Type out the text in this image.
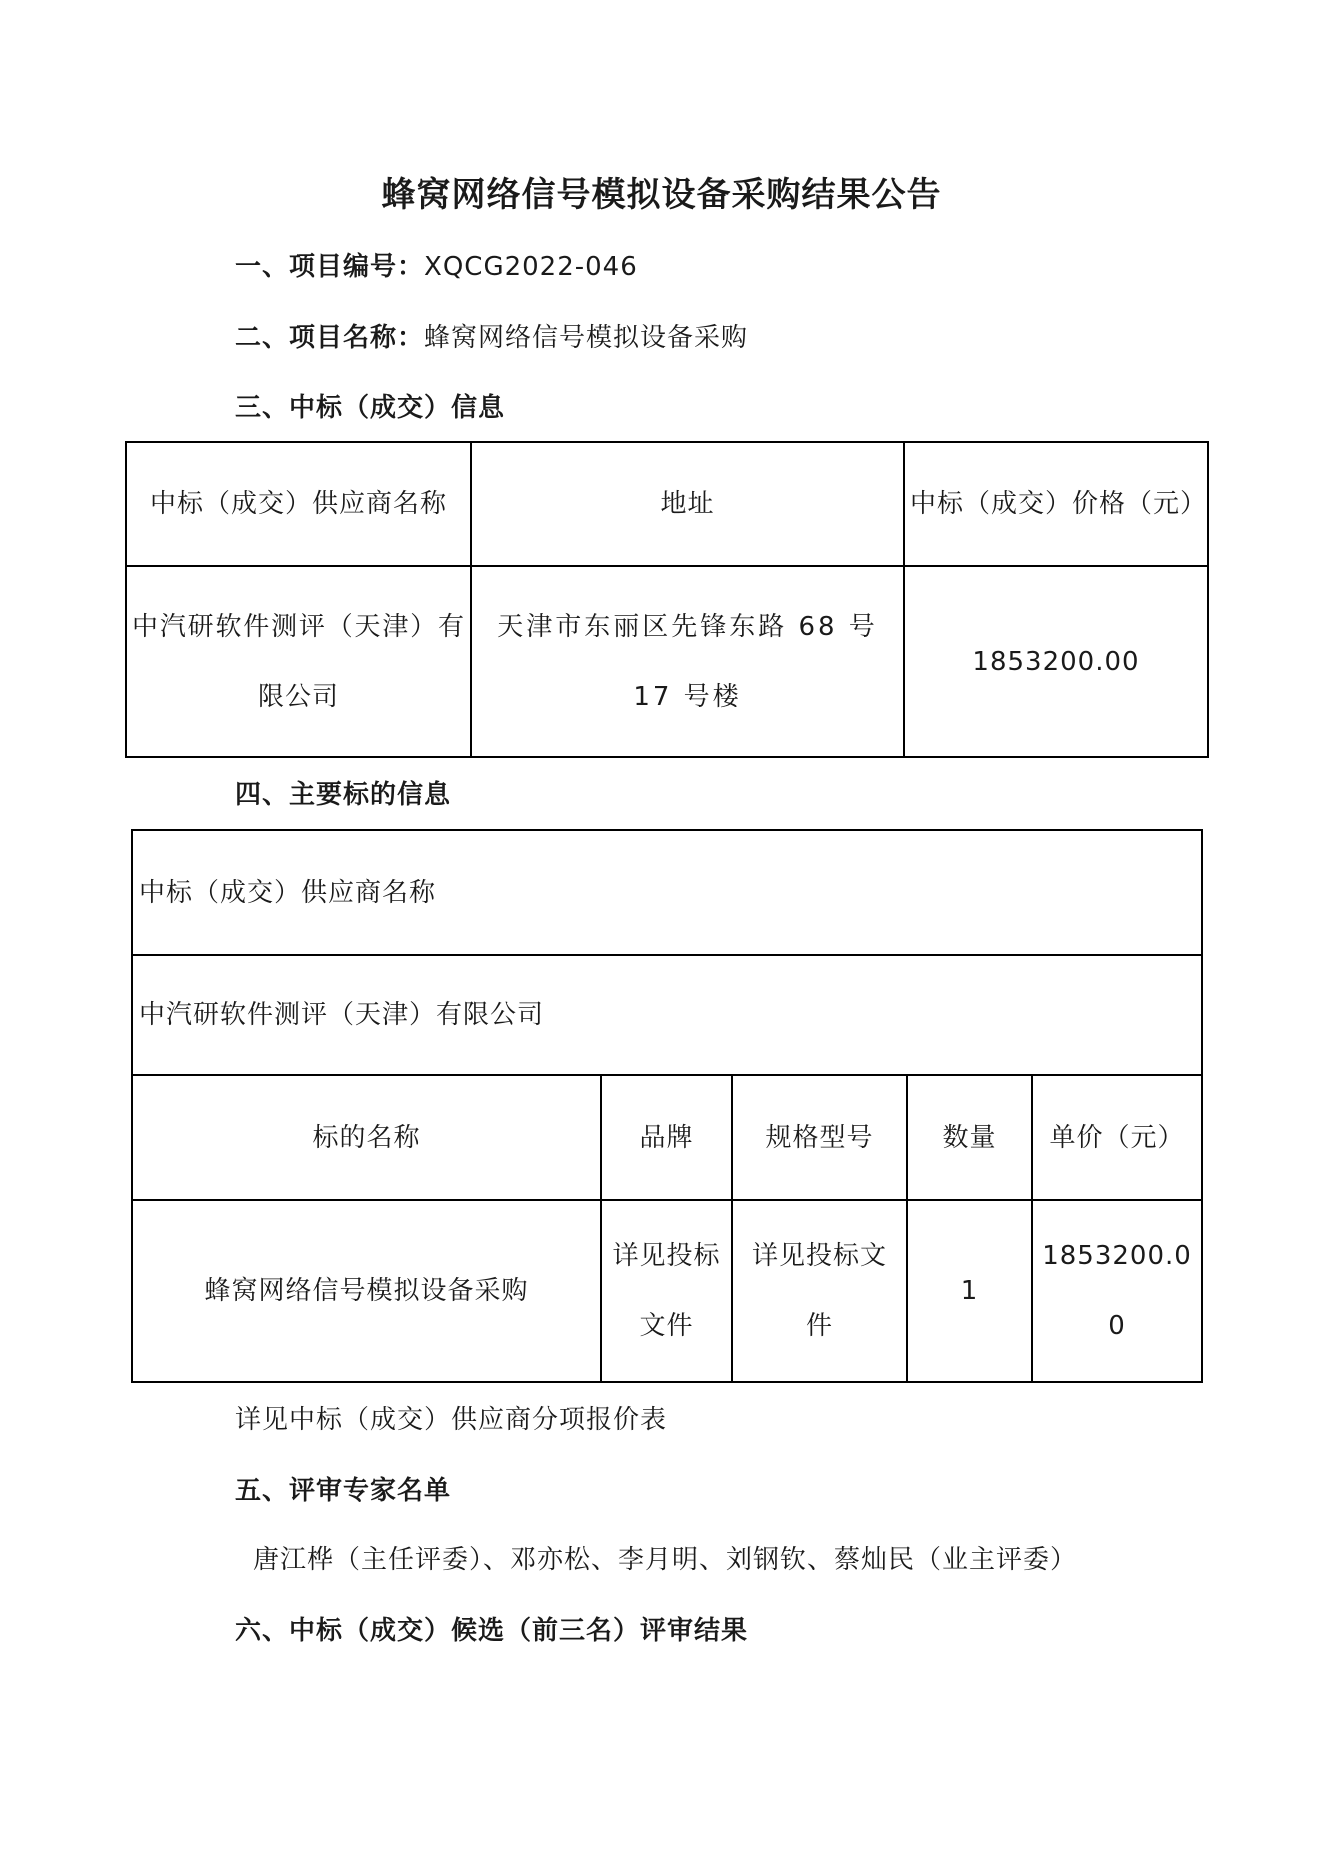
蜂窝网络信号模拟设备采购结果公告
一、项目编号：XQCG2022-046
二、项目名称：蜂窝网络信号模拟设备采购
三、中标（成交）信息
中标（成交）供应商名称	地址	中标（成交）价格（元）
中汽研软件测评（天津）有限公司	天津市东丽区先锋东路 68 号 17 号楼	1853200.00
四、主要标的信息
中标（成交）供应商名称				
中汽研软件测评（天津）有限公司				
标的名称	品牌	规格型号	数量	单价（元）
蜂窝网络信号模拟设备采购	详见投标文件	详见投标文件	1	1853200.00
详见中标（成交）供应商分项报价表
五、评审专家名单
唐江桦（主任评委）、邓亦松、李月明、刘钢钦、蔡灿民（业主评委）
六、中标（成交）候选（前三名）评审结果
